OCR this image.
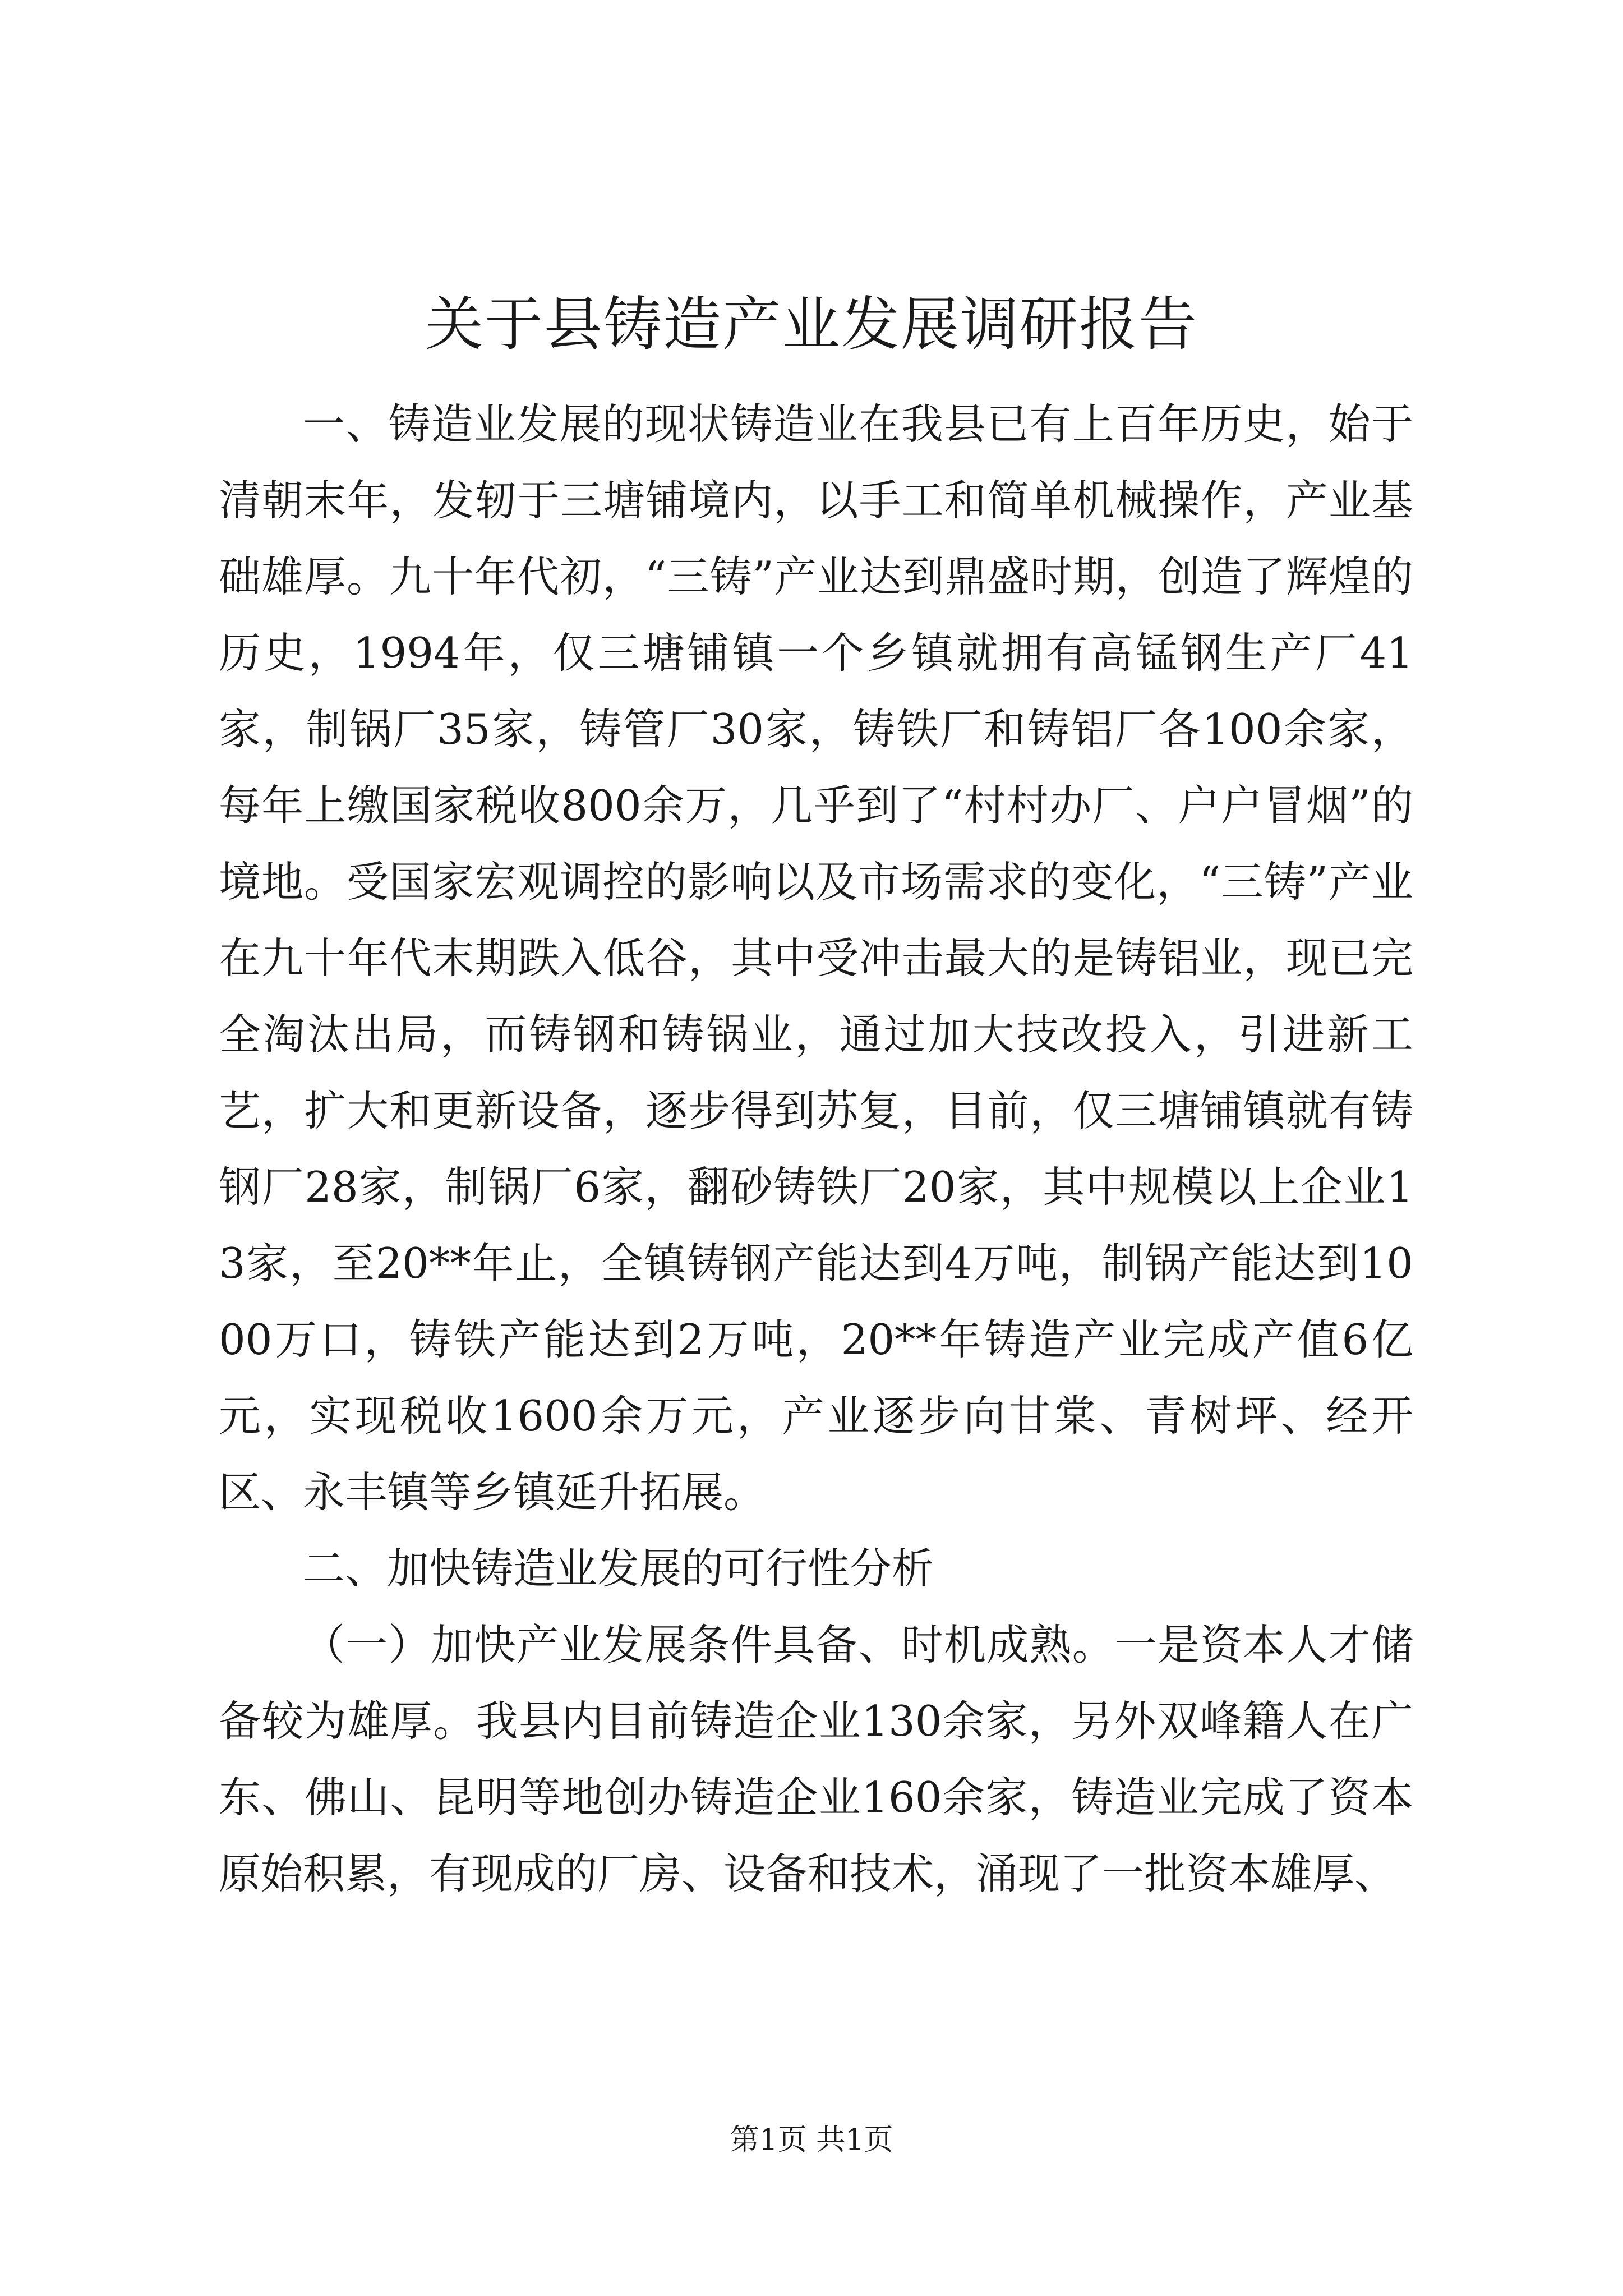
关于县铸造产业发展调研报告

一、铸造业发展的现状铸造业在我县已有上百年历史，始于清朝末年，发轫于三塘铺境内，以手工和简单机械操作，产业基础雄厚。九十年代初，“三铸”产业达到鼎盛时期，创造了辉煌的历史，1994年，仅三塘铺镇一个乡镇就拥有高锰钢生产厂41家，制锅厂35家，铸管厂30家，铸铁厂和铸铝厂各100余家，每年上缴国家税收800余万，几乎到了“村村办厂、户户冒烟”的境地。受国家宏观调控的影响以及市场需求的变化，“三铸”产业在九十年代末期跌入低谷，其中受冲击最大的是铸铝业，现已完全淘汰出局，而铸钢和铸锅业，通过加大技改投入，引进新工艺，扩大和更新设备，逐步得到苏复，目前，仅三塘铺镇就有铸钢厂28家，制锅厂6家，翻砂铸铁厂20家，其中规模以上企业13家，至20**年止，全镇铸钢产能达到4万吨，制锅产能达到1000万口，铸铁产能达到2万吨，20**年铸造产业完成产值6亿元，实现税收1600余万元，产业逐步向甘棠、青树坪、经开区、永丰镇等乡镇延升拓展。

二、加快铸造业发展的可行性分析

（一）加快产业发展条件具备、时机成熟。一是资本人才储备较为雄厚。我县内目前铸造企业130余家，另外双峰籍人在广东、佛山、昆明等地创办铸造企业160余家，铸造业完成了资本原始积累，有现成的厂房、设备和技术，涌现了一批资本雄厚、

第1页 共1页
